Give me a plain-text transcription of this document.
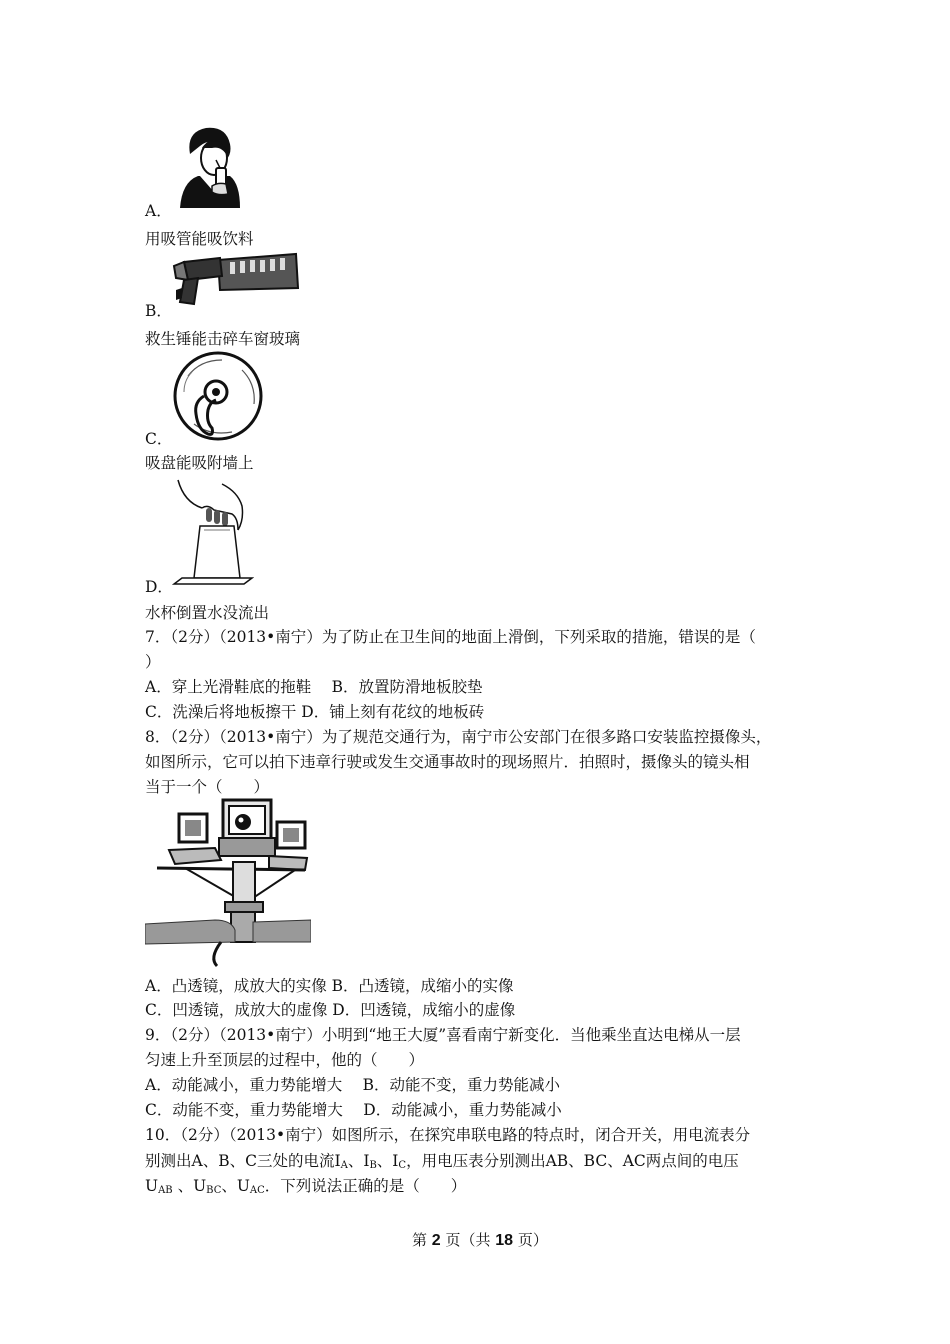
A．
用吸管能吸饮料
B．
救生锤能击碎车窗玻璃
C．
吸盘能吸附墙上
D．
水杯倒置水没流出
7．（2分）（2013•南宁）为了防止在卫生间的地面上滑倒，下列采取的措施，错误的是（
）
A．穿上光滑鞋底的拖鞋　 B．放置防滑地板胶垫
C．洗澡后将地板擦干 D．铺上刻有花纹的地板砖
8．（2分）（2013•南宁）为了规范交通行为，南宁市公安部门在很多路口安装监控摄像头，
如图所示，它可以拍下违章行驶或发生交通事故时的现场照片．拍照时，摄像头的镜头相
当于一个（　　）
A．凸透镜，成放大的实像 B．凸透镜，成缩小的实像
C．凹透镜，成放大的虚像 D．凹透镜，成缩小的虚像
9．（2分）（2013•南宁）小明到“地王大厦”喜看南宁新变化．当他乘坐直达电梯从一层
匀速上升至顶层的过程中，他的（　　）
A．动能减小，重力势能增大　 B．动能不变，重力势能减小
C．动能不变，重力势能增大　 D．动能减小，重力势能减小
10．（2分）（2013•南宁）如图所示，在探究串联电路的特点时，闭合开关，用电流表分
别测出A、B、C三处的电流$I_A$、$I_B$、$I_C$，用电压表分别测出AB、BC、AC两点间的电压
$U_{AB}$ 、$U_{BC}$、$U_{AC}$．下列说法正确的是（　　）
第 2 页（共 18 页）
